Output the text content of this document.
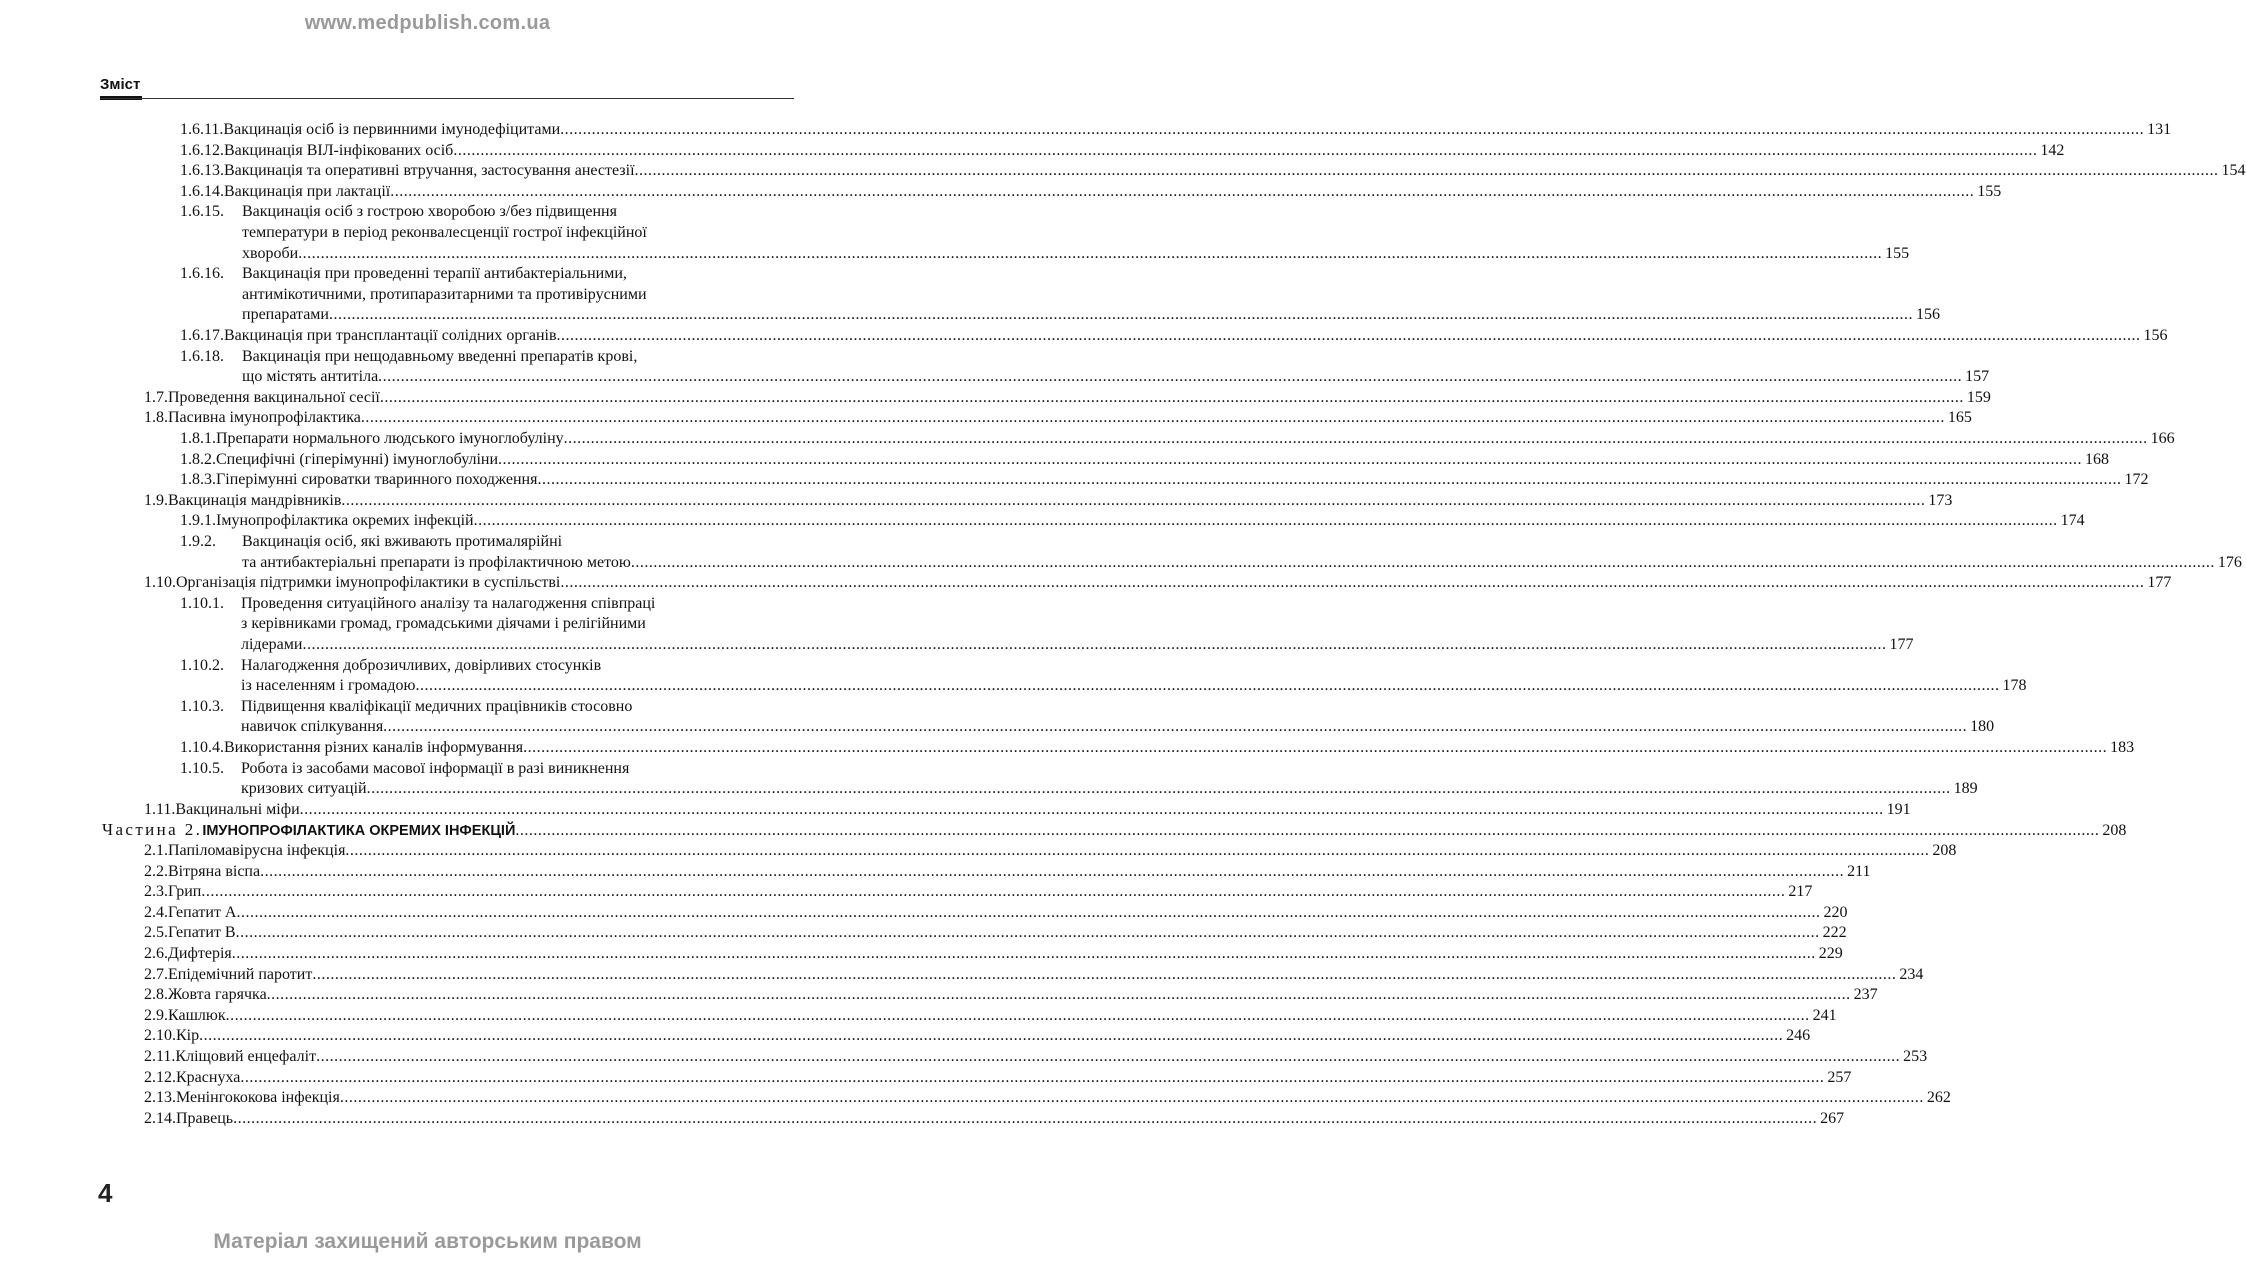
www.medpublish.com.ua
Зміст
1.6.11. Вакцинація осіб із первинними імунодефіцитами .....	131
1.6.12. Вакцинація ВІЛ-інфікованих осіб .....	142
1.6.13. Вакцинація та оперативні втручання, застосування анестезії .....	154
1.6.14. Вакцинація при лактації .....	155
1.6.15. Вакцинація осіб з гострою хворобою з/без підвищення
температури в період реконвалесценції гострої інфекційної
хвороби .....	155
1.6.16. Вакцинація при проведенні терапії антибактеріальними,
антимікотичними, протипаразитарними та противірусними
препаратами .....	156
1.6.17. Вакцинація при трансплантації солідних органів .....	156
1.6.18. Вакцинація при нещодавньому введенні препаратів крові,
що містять антитіла .....	157
1.7. Проведення вакцинальної сесії .....	159
1.8. Пасивна імунопрофілактика .....	165
1.8.1. Препарати нормального людського імуноглобуліну .....	166
1.8.2. Специфічні (гіперімунні) імуноглобуліни .....	168
1.8.3. Гіперімунні сироватки тваринного походження .....	172
1.9. Вакцинація мандрівників .....	173
1.9.1. Імунопрофілактика окремих інфекцій .....	174
1.9.2. Вакцинація осіб, які вживають протималярійні
та антибактеріальні препарати із профілактичною метою .....	176
1.10. Організація підтримки імунопрофілактики в суспільстві .....	177
1.10.1. Проведення ситуаційного аналізу та налагодження співпраці
з керівниками громад, громадськими діячами і релігійними
лідерами .....	177
1.10.2. Налагодження доброзичливих, довірливих стосунків
із населенням і громадою .....	178
1.10.3. Підвищення кваліфікації медичних працівників стосовно
навичок спілкування .....	180
1.10.4. Використання різних каналів інформування .....	183
1.10.5. Робота із засобами масової інформації в разі виникнення
кризових ситуацій .....	189
1.11. Вакцинальні міфи .....	191
Частина 2. ІМУНОПРОФІЛАКТИКА ОКРЕМИХ ІНФЕКЦІЙ .....	208
2.1. Папіломавірусна інфекція .....	208
2.2. Вітряна віспа .....	211
2.3. Грип .....	217
2.4. Гепатит А .....	220
2.5. Гепатит В .....	222
2.6. Дифтерія .....	229
2.7. Епідемічний паротит .....	234
2.8. Жовта гарячка .....	237
2.9. Кашлюк .....	241
2.10. Кір .....	246
2.11. Кліщовий енцефаліт .....	253
2.12. Краснуха .....	257
2.13. Менінгококова інфекція .....	262
2.14. Правець .....	267
4
Матеріал захищений авторським правом
